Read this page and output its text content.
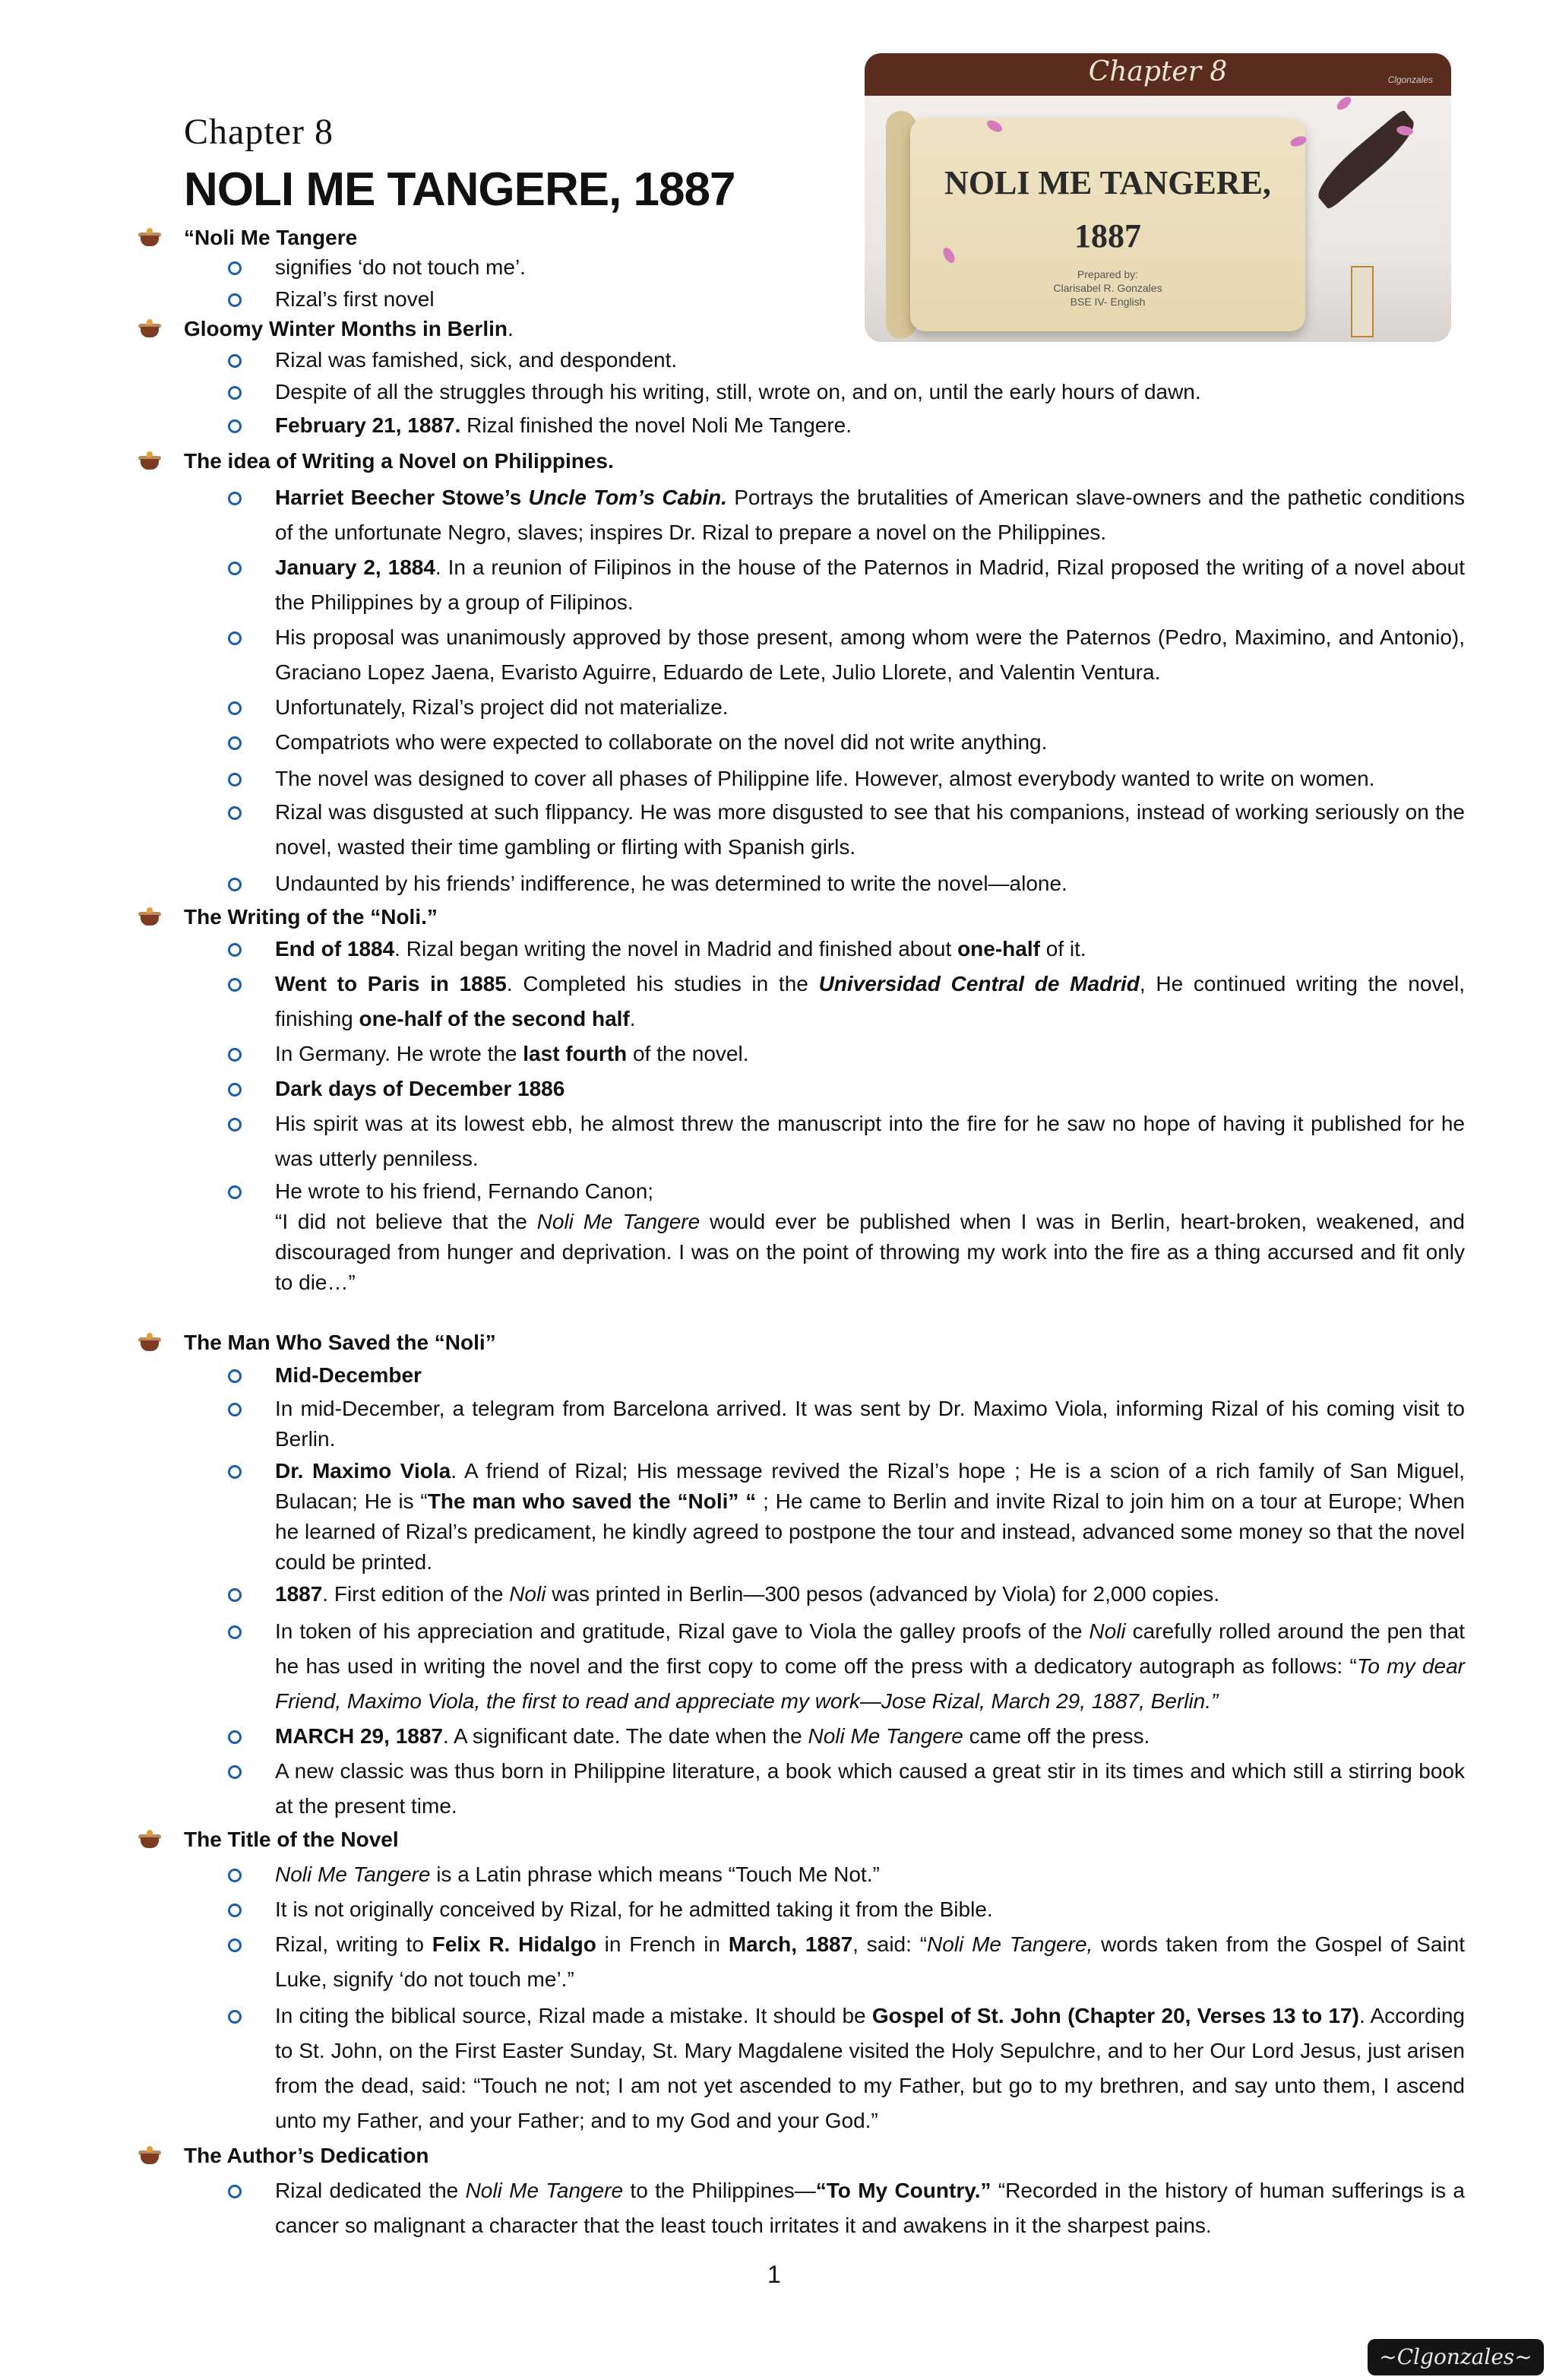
Chapter 8
NOLI ME TANGERE, 1887
Chapter 8	Clgonzales
NOLI ME TANGERE,
1887
Prepared by:
Clarisabel R. Gonzales
BSE IV- English
“Noli Me Tangere
signifies ‘do not touch me’.
Rizal’s first novel
Gloomy Winter Months in Berlin.
Rizal was famished, sick, and despondent.
Despite of all the struggles through his writing, still, wrote on, and on, until the early hours of dawn.
February 21, 1887. Rizal finished the novel Noli Me Tangere.
The idea of Writing a Novel on Philippines.
Harriet Beecher Stowe’s Uncle Tom’s Cabin. Portrays the brutalities of American slave-owners and the pathetic conditions of the unfortunate Negro, slaves; inspires Dr. Rizal to prepare a novel on the Philippines.
January 2, 1884. In a reunion of Filipinos in the house of the Paternos in Madrid, Rizal proposed the writing of a novel about the Philippines by a group of Filipinos.
His proposal was unanimously approved by those present, among whom were the Paternos (Pedro, Maximino, and Antonio), Graciano Lopez Jaena, Evaristo Aguirre, Eduardo de Lete, Julio Llorete, and Valentin Ventura.
Unfortunately, Rizal’s project did not materialize.
Compatriots who were expected to collaborate on the novel did not write anything.
The novel was designed to cover all phases of Philippine life. However, almost everybody wanted to write on women.
Rizal was disgusted at such flippancy. He was more disgusted to see that his companions, instead of working seriously on the novel, wasted their time gambling or flirting with Spanish girls.
Undaunted by his friends’ indifference, he was determined to write the novel—alone.
The Writing of the “Noli.”
End of 1884. Rizal began writing the novel in Madrid and finished about one-half of it.
Went to Paris in 1885. Completed his studies in the Universidad Central de Madrid, He continued writing the novel, finishing one-half of the second half.
In Germany. He wrote the last fourth of the novel.
Dark days of December 1886
His spirit was at its lowest ebb, he almost threw the manuscript into the fire for he saw no hope of having it published for he was utterly penniless.
He wrote to his friend, Fernando Canon;
“I did not believe that the Noli Me Tangere would ever be published when I was in Berlin, heart-broken, weakened, and discouraged from hunger and deprivation. I was on the point of throwing my work into the fire as a thing accursed and fit only to die…”
The Man Who Saved the “Noli”
Mid-December
In mid-December, a telegram from Barcelona arrived. It was sent by Dr. Maximo Viola, informing Rizal of his coming visit to Berlin.
Dr. Maximo Viola. A friend of Rizal; His message revived the Rizal’s hope ; He is a scion of a rich family of San Miguel, Bulacan; He is “The man who saved the “Noli” “ ; He came to Berlin and invite Rizal to join him on a tour at Europe; When he learned of Rizal’s predicament, he kindly agreed to postpone the tour and instead, advanced some money so that the novel could be printed.
1887. First edition of the Noli was printed in Berlin—300 pesos (advanced by Viola) for 2,000 copies.
In token of his appreciation and gratitude, Rizal gave to Viola the galley proofs of the Noli carefully rolled around the pen that he has used in writing the novel and the first copy to come off the press with a dedicatory autograph as follows: “To my dear Friend, Maximo Viola, the first to read and appreciate my work—Jose Rizal, March 29, 1887, Berlin.”
MARCH 29, 1887. A significant date. The date when the Noli Me Tangere came off the press.
A new classic was thus born in Philippine literature, a book which caused a great stir in its times and which still a stirring book at the present time.
The Title of the Novel
Noli Me Tangere is a Latin phrase which means “Touch Me Not.”
It is not originally conceived by Rizal, for he admitted taking it from the Bible.
Rizal, writing to Felix R. Hidalgo in French in March, 1887, said: “Noli Me Tangere, words taken from the Gospel of Saint Luke, signify ‘do not touch me’.”
In citing the biblical source, Rizal made a mistake. It should be Gospel of St. John (Chapter 20, Verses 13 to 17). According to St. John, on the First Easter Sunday, St. Mary Magdalene visited the Holy Sepulchre, and to her Our Lord Jesus, just arisen from the dead, said: “Touch ne not; I am not yet ascended to my Father, but go to my brethren, and say unto them, I ascend unto my Father, and your Father; and to my God and your God.”
The Author’s Dedication
Rizal dedicated the Noli Me Tangere to the Philippines—“To My Country.” “Recorded in the history of human sufferings is a cancer so malignant a character that the least touch irritates it and awakens in it the sharpest pains.
1
~Clgonzales~
